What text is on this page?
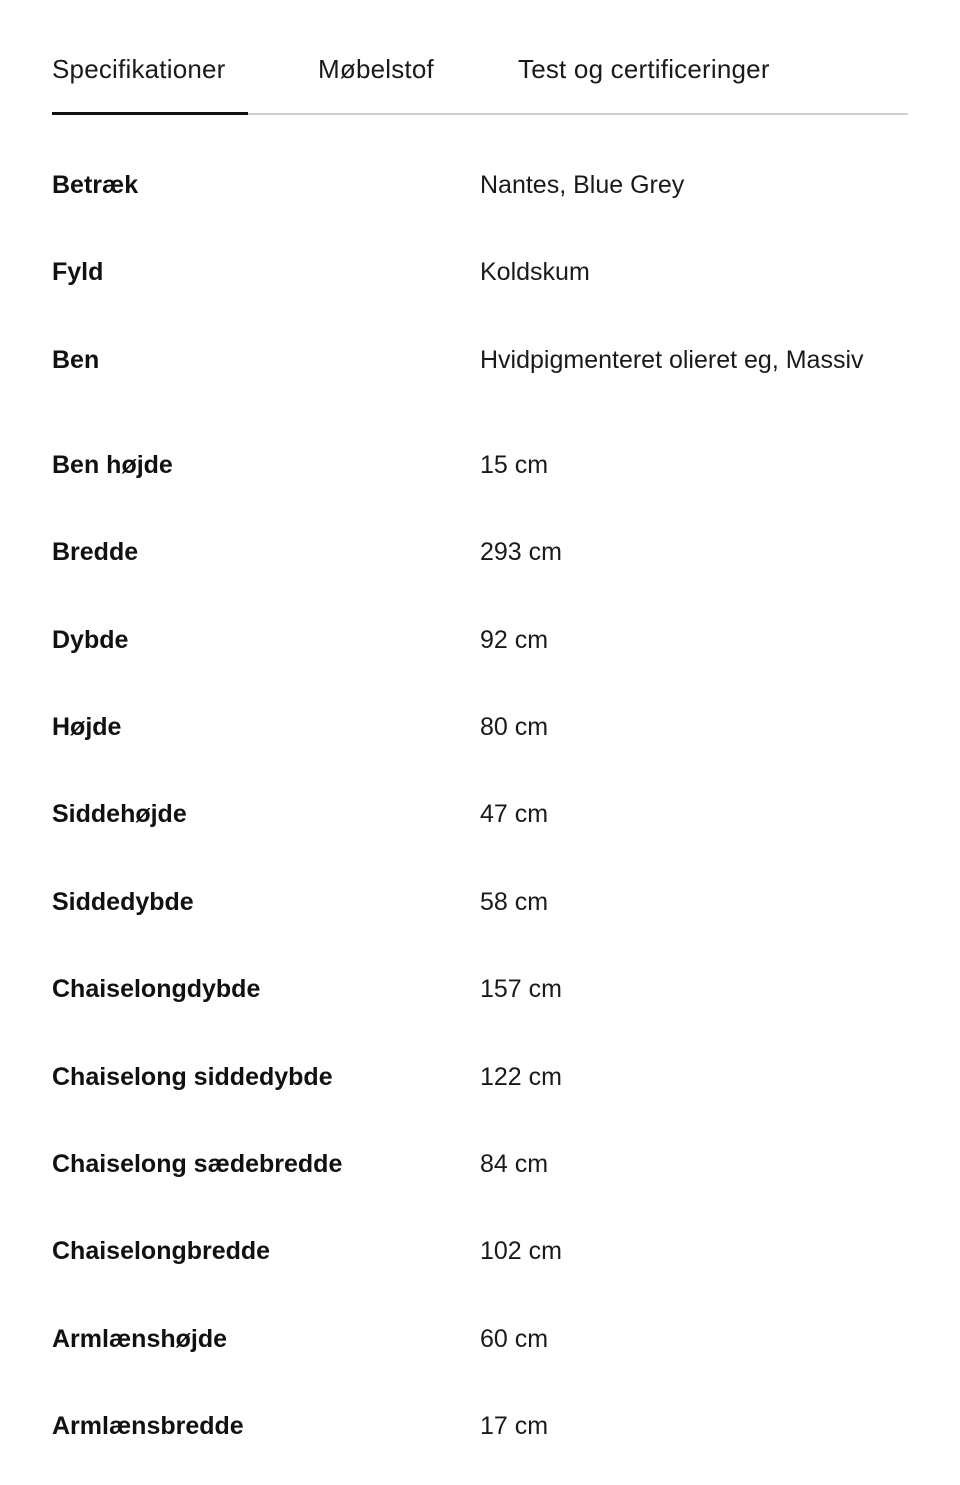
Specifikationer	Møbelstof	Test og certificeringer
Betræk	Nantes, Blue Grey
Fyld	Koldskum
Ben	Hvidpigmenteret olieret eg, Massiv
Ben højde	15 cm
Bredde	293 cm
Dybde	92 cm
Højde	80 cm
Siddehøjde	47 cm
Siddedybde	58 cm
Chaiselongdybde	157 cm
Chaiselong siddedybde	122 cm
Chaiselong sædebredde	84 cm
Chaiselongbredde	102 cm
Armlænshøjde	60 cm
Armlænsbredde	17 cm
